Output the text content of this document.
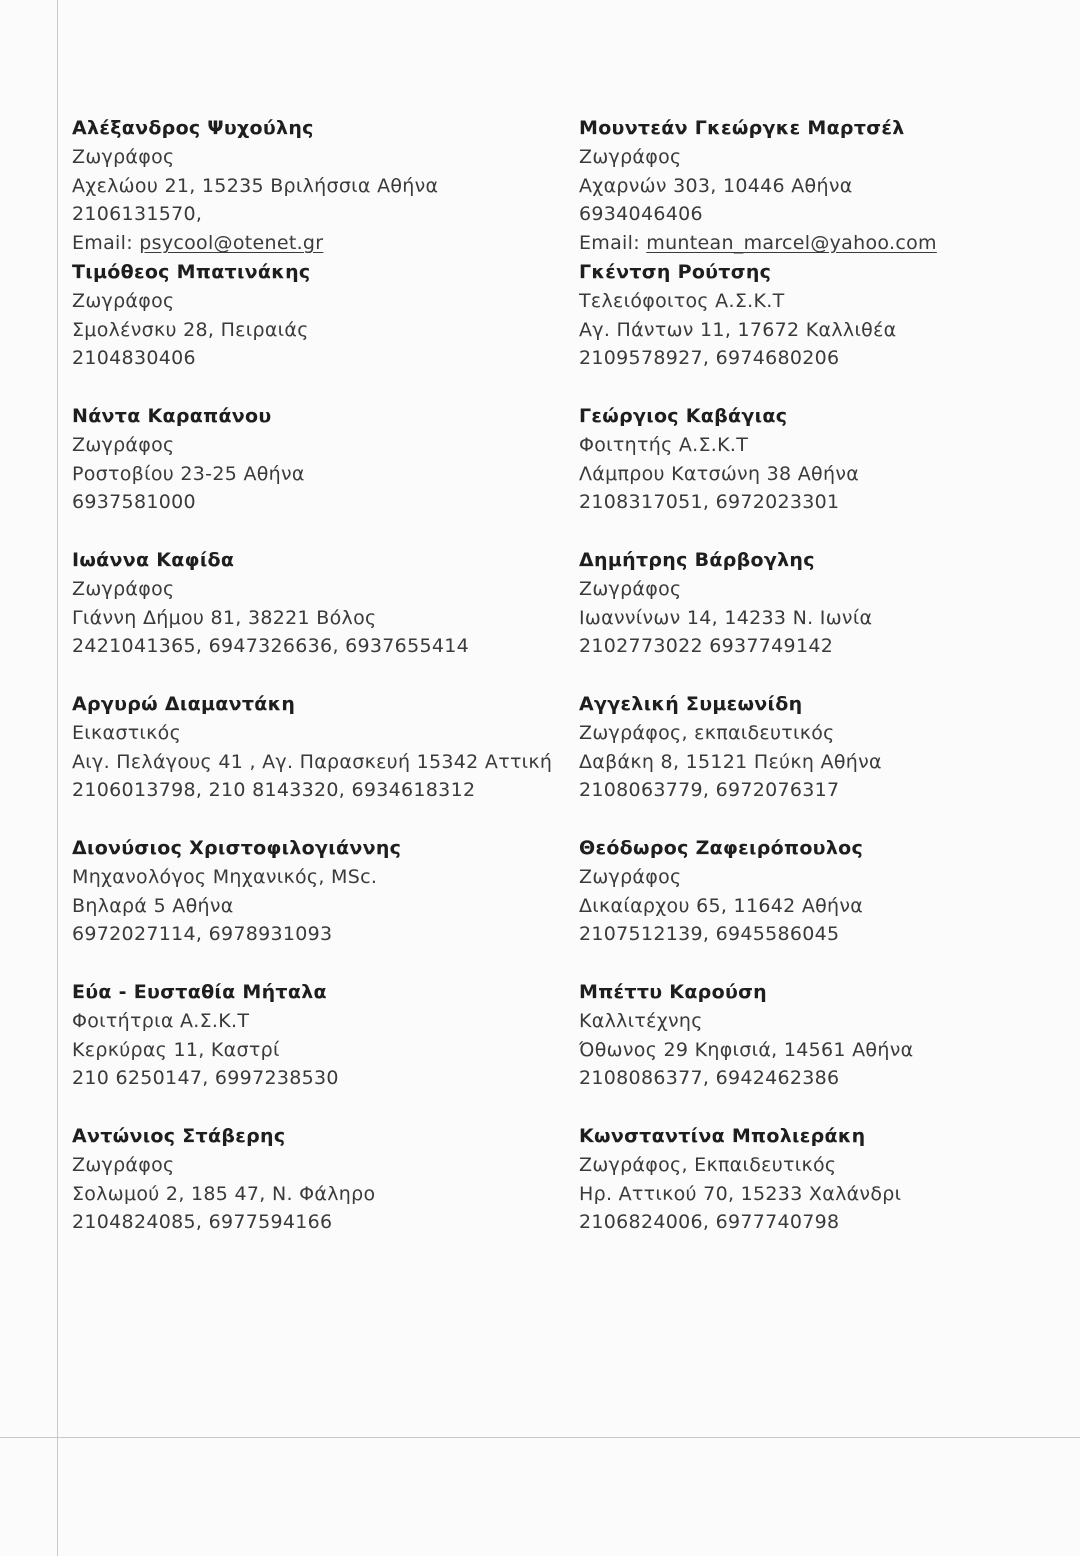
Αλέξανδρος Ψυχούλης
Ζωγράφος
Αχελώου 21, 15235 Βριλήσσια Αθήνα
2106131570,
Email: psycool@otenet.gr
Τιμόθεος Μπατινάκης
Ζωγράφος
Σμολένσκυ 28, Πειραιάς
2104830406
Νάντα Καραπάνου
Ζωγράφος
Ροστοβίου 23-25 Αθήνα
6937581000
Ιωάννα Καφίδα
Ζωγράφος
Γιάννη Δήμου 81, 38221 Βόλος
2421041365, 6947326636, 6937655414
Αργυρώ Διαμαντάκη
Εικαστικός
Αιγ. Πελάγους 41 , Αγ. Παρασκευή 15342 Αττική
2106013798, 210 8143320, 6934618312
Διονύσιος Χριστοφιλογιάννης
Μηχανολόγος Μηχανικός, MSc.
Βηλαρά 5 Αθήνα
6972027114, 6978931093
Εύα - Ευσταθία Μήταλα
Φοιτήτρια Α.Σ.Κ.Τ
Κερκύρας 11, Καστρί
210 6250147, 6997238530
Αντώνιος Στάβερης
Ζωγράφος
Σολωμού 2, 185 47, Ν. Φάληρο
2104824085, 6977594166
Μουντεάν Γκεώργκε Μαρτσέλ
Ζωγράφος
Αχαρνών 303, 10446 Αθήνα
6934046406
Email: muntean_marcel@yahoo.com
Γκέντση Ρούτσης
Τελειόφοιτος Α.Σ.Κ.Τ
Αγ. Πάντων 11, 17672 Καλλιθέα
2109578927, 6974680206
Γεώργιος Καβάγιας
Φοιτητής Α.Σ.Κ.Τ
Λάμπρου Κατσώνη 38 Αθήνα
2108317051, 6972023301
Δημήτρης Βάρβογλης
Ζωγράφος
Ιωαννίνων 14, 14233 Ν. Ιωνία
2102773022 6937749142
Αγγελική Συμεωνίδη
Ζωγράφος, εκπαιδευτικός
Δαβάκη 8, 15121 Πεύκη Αθήνα
2108063779, 6972076317
Θεόδωρος Ζαφειρόπουλος
Ζωγράφος
Δικαίαρχου 65, 11642 Αθήνα
2107512139, 6945586045
Μπέττυ Καρούση
Καλλιτέχνης
Όθωνος 29 Κηφισιά, 14561 Αθήνα
2108086377, 6942462386
Κωνσταντίνα Μπολιεράκη
Ζωγράφος, Εκπαιδευτικός
Ηρ. Αττικού 70, 15233 Χαλάνδρι
2106824006, 6977740798
